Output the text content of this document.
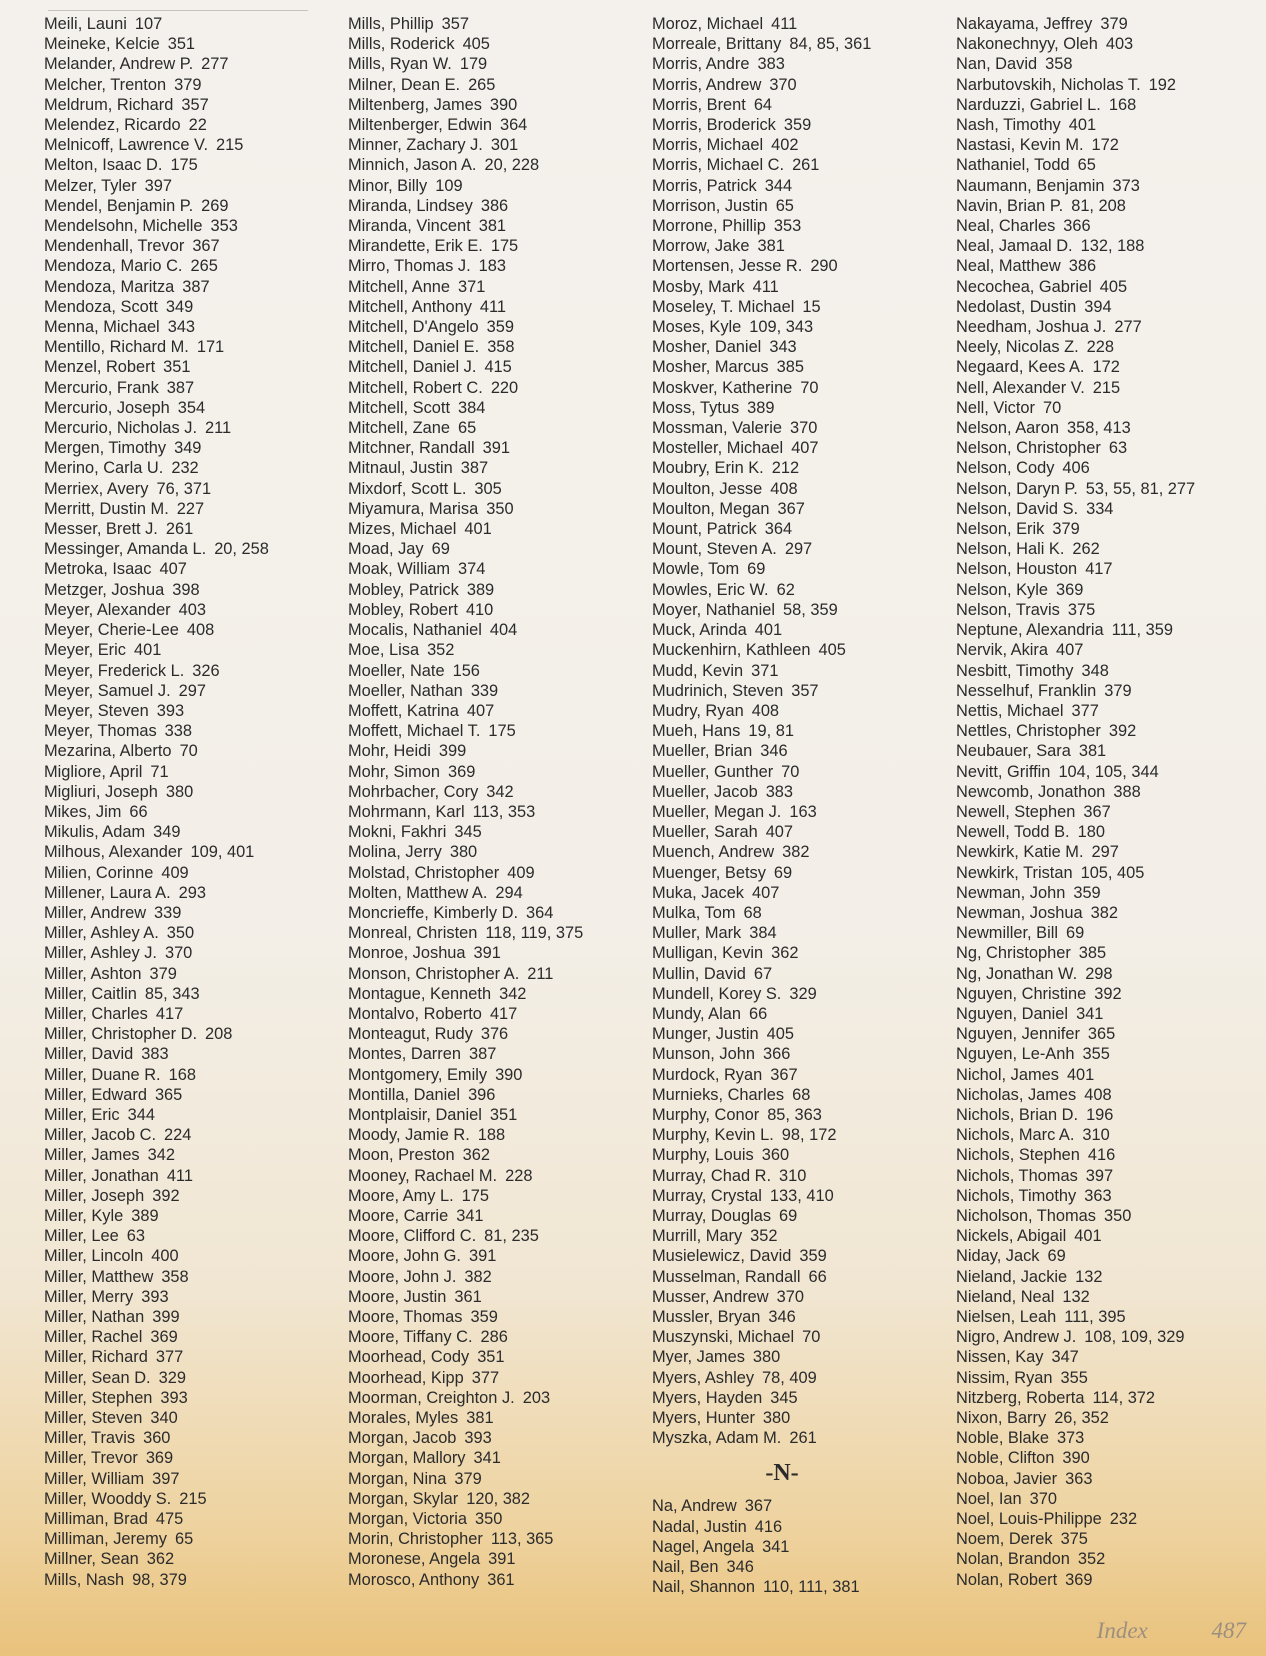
Meili, Launi 107
Meineke, Kelcie 351
Melander, Andrew P. 277
Melcher, Trenton 379
Meldrum, Richard 357
Melendez, Ricardo 22
Melnicoff, Lawrence V. 215
Melton, Isaac D. 175
Melzer, Tyler 397
Mendel, Benjamin P. 269
Mendelsohn, Michelle 353
Mendenhall, Trevor 367
Mendoza, Mario C. 265
Mendoza, Maritza 387
Mendoza, Scott 349
Menna, Michael 343
Mentillo, Richard M. 171
Menzel, Robert 351
Mercurio, Frank 387
Mercurio, Joseph 354
Mercurio, Nicholas J. 211
Mergen, Timothy 349
Merino, Carla U. 232
Merriex, Avery 76, 371
Merritt, Dustin M. 227
Messer, Brett J. 261
Messinger, Amanda L. 20, 258
Metroka, Isaac 407
Metzger, Joshua 398
Meyer, Alexander 403
Meyer, Cherie-Lee 408
Meyer, Eric 401
Meyer, Frederick L. 326
Meyer, Samuel J. 297
Meyer, Steven 393
Meyer, Thomas 338
Mezarina, Alberto 70
Migliore, April 71
Migliuri, Joseph 380
Mikes, Jim 66
Mikulis, Adam 349
Milhous, Alexander 109, 401
Milien, Corinne 409
Millener, Laura A. 293
Miller, Andrew 339
Miller, Ashley A. 350
Miller, Ashley J. 370
Miller, Ashton 379
Miller, Caitlin 85, 343
Miller, Charles 417
Miller, Christopher D. 208
Miller, David 383
Miller, Duane R. 168
Miller, Edward 365
Miller, Eric 344
Miller, Jacob C. 224
Miller, James 342
Miller, Jonathan 411
Miller, Joseph 392
Miller, Kyle 389
Miller, Lee 63
Miller, Lincoln 400
Miller, Matthew 358
Miller, Merry 393
Miller, Nathan 399
Miller, Rachel 369
Miller, Richard 377
Miller, Sean D. 329
Miller, Stephen 393
Miller, Steven 340
Miller, Travis 360
Miller, Trevor 369
Miller, William 397
Miller, Wooddy S. 215
Milliman, Brad 475
Milliman, Jeremy 65
Millner, Sean 362
Mills, Nash 98, 379
Mills, Phillip 357
Mills, Roderick 405
Mills, Ryan W. 179
Milner, Dean E. 265
Miltenberg, James 390
Miltenberger, Edwin 364
Minner, Zachary J. 301
Minnich, Jason A. 20, 228
Minor, Billy 109
Miranda, Lindsey 386
Miranda, Vincent 381
Mirandette, Erik E. 175
Mirro, Thomas J. 183
Mitchell, Anne 371
Mitchell, Anthony 411
Mitchell, D'Angelo 359
Mitchell, Daniel E. 358
Mitchell, Daniel J. 415
Mitchell, Robert C. 220
Mitchell, Scott 384
Mitchell, Zane 65
Mitchner, Randall 391
Mitnaul, Justin 387
Mixdorf, Scott L. 305
Miyamura, Marisa 350
Mizes, Michael 401
Moad, Jay 69
Moak, William 374
Mobley, Patrick 389
Mobley, Robert 410
Mocalis, Nathaniel 404
Moe, Lisa 352
Moeller, Nate 156
Moeller, Nathan 339
Moffett, Katrina 407
Moffett, Michael T. 175
Mohr, Heidi 399
Mohr, Simon 369
Mohrbacher, Cory 342
Mohrmann, Karl 113, 353
Mokni, Fakhri 345
Molina, Jerry 380
Molstad, Christopher 409
Molten, Matthew A. 294
Moncrieffe, Kimberly D. 364
Monreal, Christen 118, 119, 375
Monroe, Joshua 391
Monson, Christopher A. 211
Montague, Kenneth 342
Montalvo, Roberto 417
Monteagut, Rudy 376
Montes, Darren 387
Montgomery, Emily 390
Montilla, Daniel 396
Montplaisir, Daniel 351
Moody, Jamie R. 188
Moon, Preston 362
Mooney, Rachael M. 228
Moore, Amy L. 175
Moore, Carrie 341
Moore, Clifford C. 81, 235
Moore, John G. 391
Moore, John J. 382
Moore, Justin 361
Moore, Thomas 359
Moore, Tiffany C. 286
Moorhead, Cody 351
Moorhead, Kipp 377
Moorman, Creighton J. 203
Morales, Myles 381
Morgan, Jacob 393
Morgan, Mallory 341
Morgan, Nina 379
Morgan, Skylar 120, 382
Morgan, Victoria 350
Morin, Christopher 113, 365
Moronese, Angela 391
Morosco, Anthony 361
Moroz, Michael 411
Morreale, Brittany 84, 85, 361
Morris, Andre 383
Morris, Andrew 370
Morris, Brent 64
Morris, Broderick 359
Morris, Michael 402
Morris, Michael C. 261
Morris, Patrick 344
Morrison, Justin 65
Morrone, Phillip 353
Morrow, Jake 381
Mortensen, Jesse R. 290
Mosby, Mark 411
Moseley, T. Michael 15
Moses, Kyle 109, 343
Mosher, Daniel 343
Mosher, Marcus 385
Moskver, Katherine 70
Moss, Tytus 389
Mossman, Valerie 370
Mosteller, Michael 407
Moubry, Erin K. 212
Moulton, Jesse 408
Moulton, Megan 367
Mount, Patrick 364
Mount, Steven A. 297
Mowle, Tom 69
Mowles, Eric W. 62
Moyer, Nathaniel 58, 359
Muck, Arinda 401
Muckenhirn, Kathleen 405
Mudd, Kevin 371
Mudrinich, Steven 357
Mudry, Ryan 408
Mueh, Hans 19, 81
Mueller, Brian 346
Mueller, Gunther 70
Mueller, Jacob 383
Mueller, Megan J. 163
Mueller, Sarah 407
Muench, Andrew 382
Muenger, Betsy 69
Muka, Jacek 407
Mulka, Tom 68
Muller, Mark 384
Mulligan, Kevin 362
Mullin, David 67
Mundell, Korey S. 329
Mundy, Alan 66
Munger, Justin 405
Munson, John 366
Murdock, Ryan 367
Murnieks, Charles 68
Murphy, Conor 85, 363
Murphy, Kevin L. 98, 172
Murphy, Louis 360
Murray, Chad R. 310
Murray, Crystal 133, 410
Murray, Douglas 69
Murrill, Mary 352
Musielewicz, David 359
Musselman, Randall 66
Musser, Andrew 370
Mussler, Bryan 346
Muszynski, Michael 70
Myer, James 380
Myers, Ashley 78, 409
Myers, Hayden 345
Myers, Hunter 380
Myszka, Adam M. 261
-N-
Na, Andrew 367
Nadal, Justin 416
Nagel, Angela 341
Nail, Ben 346
Nail, Shannon 110, 111, 381
Nakayama, Jeffrey 379
Nakonechnyy, Oleh 403
Nan, David 358
Narbutovskih, Nicholas T. 192
Narduzzi, Gabriel L. 168
Nash, Timothy 401
Nastasi, Kevin M. 172
Nathaniel, Todd 65
Naumann, Benjamin 373
Navin, Brian P. 81, 208
Neal, Charles 366
Neal, Jamaal D. 132, 188
Neal, Matthew 386
Necochea, Gabriel 405
Nedolast, Dustin 394
Needham, Joshua J. 277
Neely, Nicolas Z. 228
Negaard, Kees A. 172
Nell, Alexander V. 215
Nell, Victor 70
Nelson, Aaron 358, 413
Nelson, Christopher 63
Nelson, Cody 406
Nelson, Daryn P. 53, 55, 81, 277
Nelson, David S. 334
Nelson, Erik 379
Nelson, Hali K. 262
Nelson, Houston 417
Nelson, Kyle 369
Nelson, Travis 375
Neptune, Alexandria 111, 359
Nervik, Akira 407
Nesbitt, Timothy 348
Nesselhuf, Franklin 379
Nettis, Michael 377
Nettles, Christopher 392
Neubauer, Sara 381
Nevitt, Griffin 104, 105, 344
Newcomb, Jonathon 388
Newell, Stephen 367
Newell, Todd B. 180
Newkirk, Katie M. 297
Newkirk, Tristan 105, 405
Newman, John 359
Newman, Joshua 382
Newmiller, Bill 69
Ng, Christopher 385
Ng, Jonathan W. 298
Nguyen, Christine 392
Nguyen, Daniel 341
Nguyen, Jennifer 365
Nguyen, Le-Anh 355
Nichol, James 401
Nicholas, James 408
Nichols, Brian D. 196
Nichols, Marc A. 310
Nichols, Stephen 416
Nichols, Thomas 397
Nichols, Timothy 363
Nicholson, Thomas 350
Nickels, Abigail 401
Niday, Jack 69
Nieland, Jackie 132
Nieland, Neal 132
Nielsen, Leah 111, 395
Nigro, Andrew J. 108, 109, 329
Nissen, Kay 347
Nissim, Ryan 355
Nitzberg, Roberta 114, 372
Nixon, Barry 26, 352
Noble, Blake 373
Noble, Clifton 390
Noboa, Javier 363
Noel, Ian 370
Noel, Louis-Philippe 232
Noem, Derek 375
Nolan, Brandon 352
Nolan, Robert 369
Index	487
